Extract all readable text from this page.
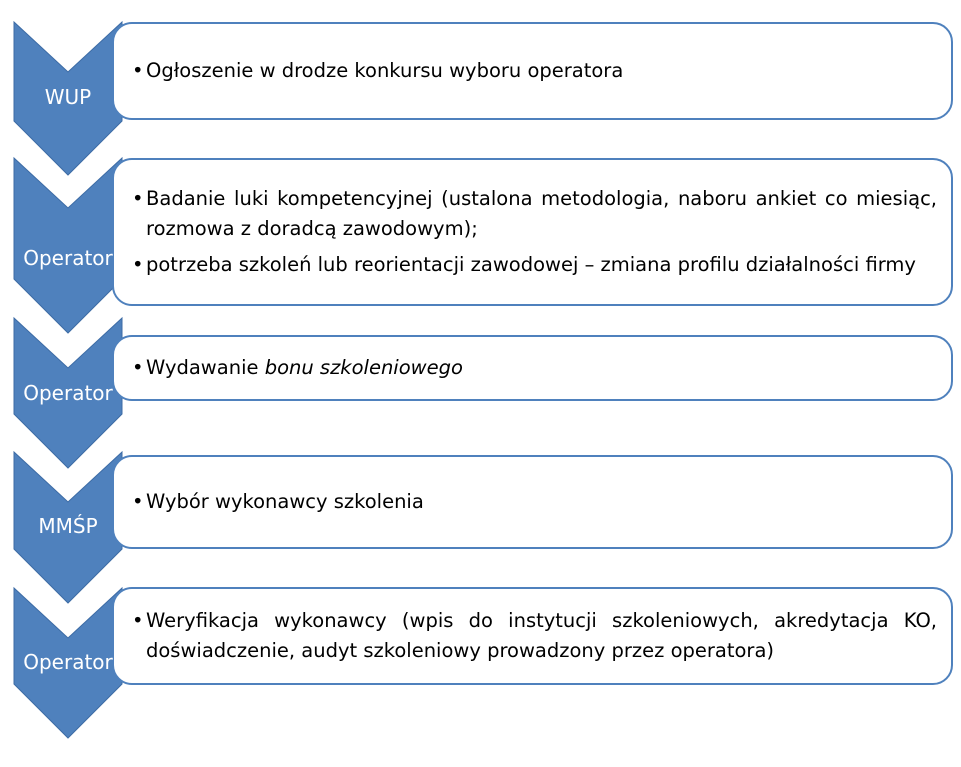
• Ogłoszenie w drodze konkursu wyboru operatora
WUP
• Badanie luki kompetencyjnej (ustalona metodologia, naboru ankiet co miesiąc, rozmowa z doradcą zawodowym);
• potrzeba szkoleń lub reorientacji zawodowej – zmiana profilu działalności firmy
Operator
• Wydawanie bonu szkoleniowego
Operator
• Wybór wykonawcy szkolenia
MMŚP
• Weryfikacja wykonawcy (wpis do instytucji szkoleniowych, akredytacja KO, doświadczenie, audyt szkoleniowy prowadzony przez operatora)
Operator
